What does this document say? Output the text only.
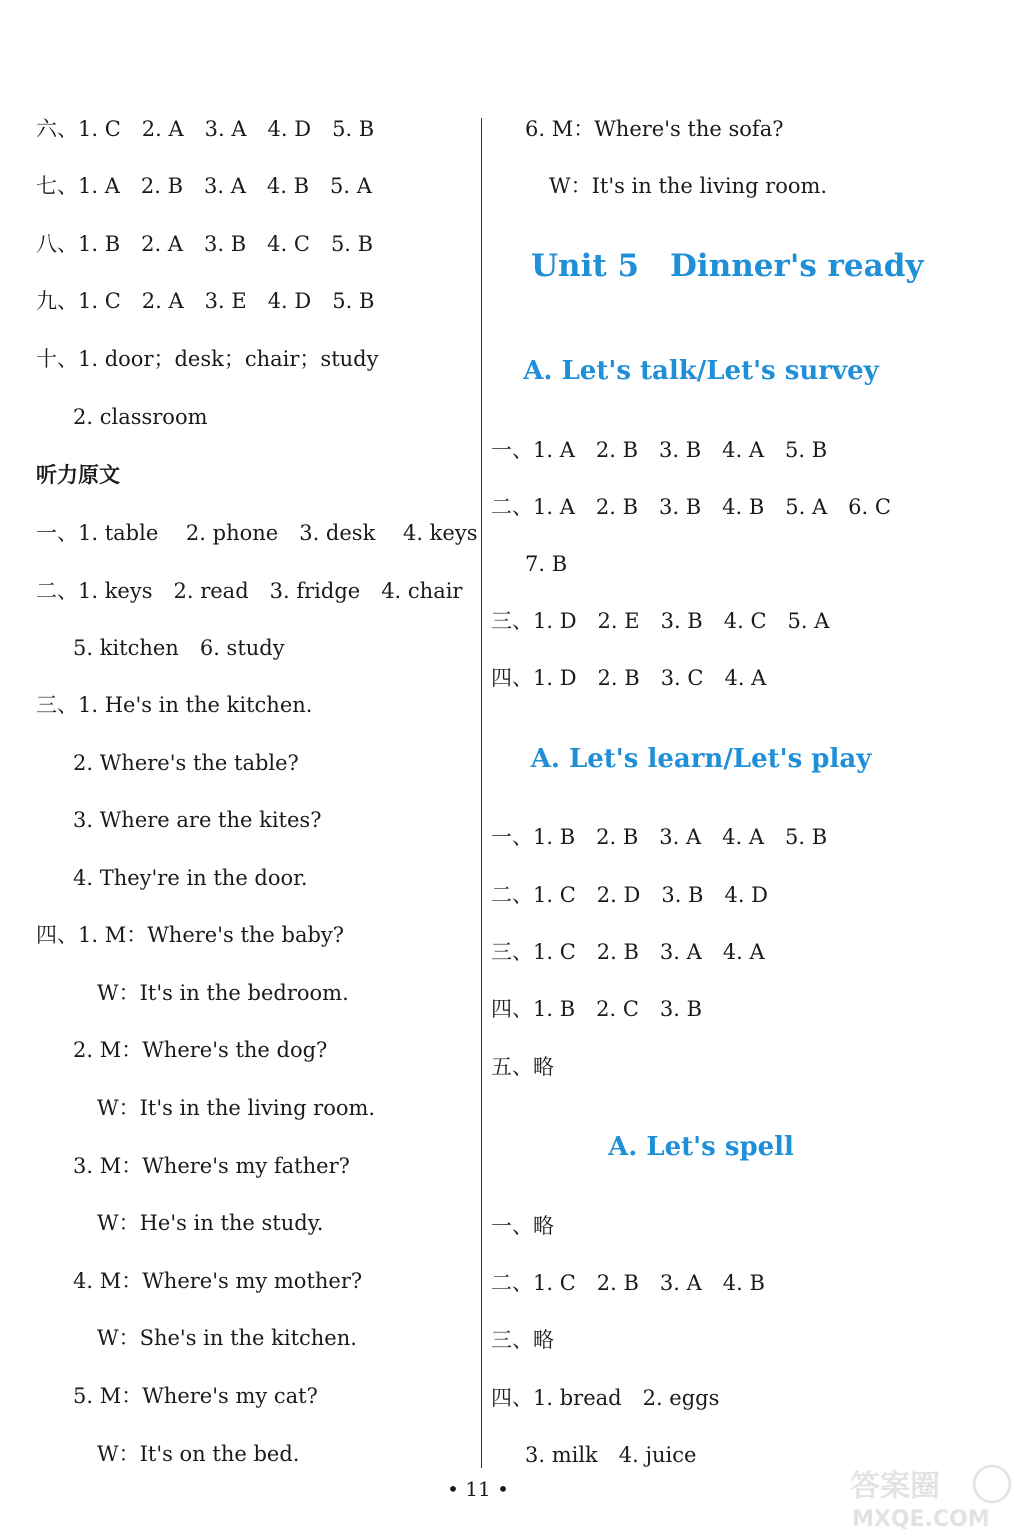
六、1. C　2. A　3. A　4. D　5. B
七、1. A　2. B　3. A　4. B　5. A
八、1. B　2. A　3. B　4. C　5. B
九、1. C　2. A　3. E　4. D　5. B
十、1. door；desk；chair；study
2. classroom
听力原文
一、1. table　 2. phone　3. desk　 4. keys
二、1. keys　2. read　3. fridge　4. chair
5. kitchen　6. study
三、1. He's in the kitchen.
2. Where's the table?
3. Where are the kites?
4. They're in the door.
四、1. M：Where's the baby?
W：It's in the bedroom.
2. M：Where's the dog?
W：It's in the living room.
3. M：Where's my father?
W：He's in the study.
4. M：Where's my mother?
W：She's in the kitchen.
5. M：Where's my cat?
W：It's on the bed.
6. M：Where's the sofa?
W：It's in the living room.
Unit 5　Dinner's ready
A. Let's talk/Let's survey
一、1. A　2. B　3. B　4. A　5. B
二、1. A　2. B　3. B　4. B　5. A　6. C
7. B
三、1. D　2. E　3. B　4. C　5. A
四、1. D　2. B　3. C　4. A
A. Let's learn/Let's play
一、1. B　2. B　3. A　4. A　5. B
二、1. C　2. D　3. B　4. D
三、1. C　2. B　3. A　4. A
四、1. B　2. C　3. B
五、略
A. Let's spell
一、略
二、1. C　2. B　3. A　4. B
三、略
四、1. bread　2. eggs
3. milk　4. juice
• 11 •	答案圈
MXQE.COM
